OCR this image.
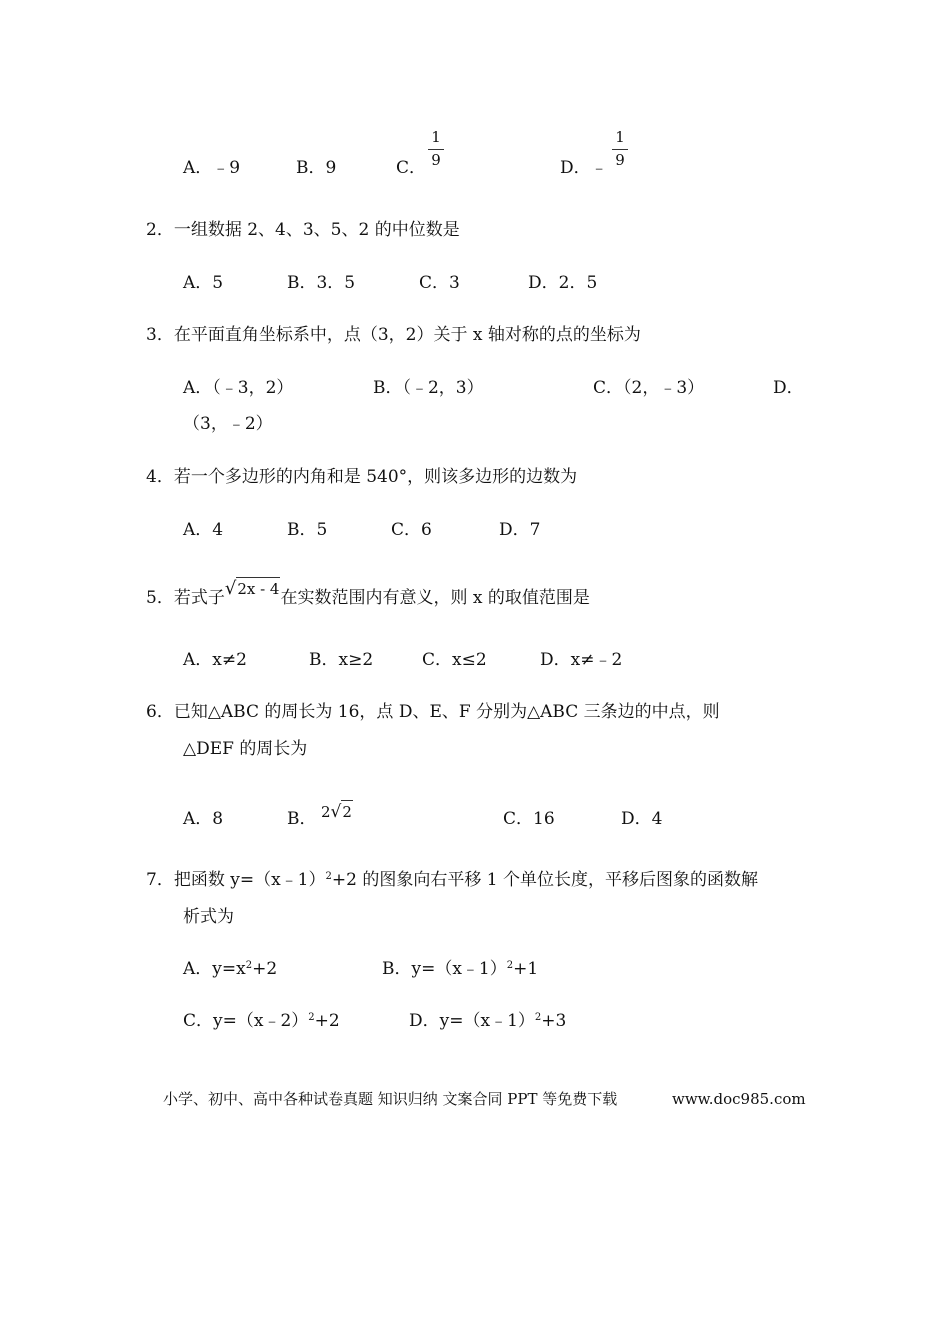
A．﹣9	B．9	C．
1
9	D．﹣
1
9
2．一组数据 2、4、3、5、2 的中位数是
A．5	B．3．5	C．3	D．2．5
3．在平面直角坐标系中，点（3，2）关于 x 轴对称的点的坐标为
A．（﹣3，2）	B．（﹣2，3）	C．（2，﹣3）	D．
（3，﹣2）
4．若一个多边形的内角和是 540°，则该多边形的边数为
A．4	B．5	C．6	D．7
5．若式子√2x - 4在实数范围内有意义，则 x 的取值范围是
A．x≠2	B．x≥2	C．x≤2	D．x≠﹣2
6．已知△ABC 的周长为 16，点 D、E、F 分别为△ABC 三条边的中点，则
△DEF 的周长为
A．8	B． 2√2	C．16	D．4
7．把函数 y=（x﹣1）$^2$+2 的图象向右平移 1 个单位长度，平移后图象的函数解
析式为
A．$y=x^2+2$	B．y=（x﹣1）$^2$+1
C．y=（x﹣2）$^2$+2	D．y=（x﹣1）$^2$+3
小学、初中、高中各种试卷真题 知识归纳 文案合同 PPT 等免费下载	www.doc985.com
